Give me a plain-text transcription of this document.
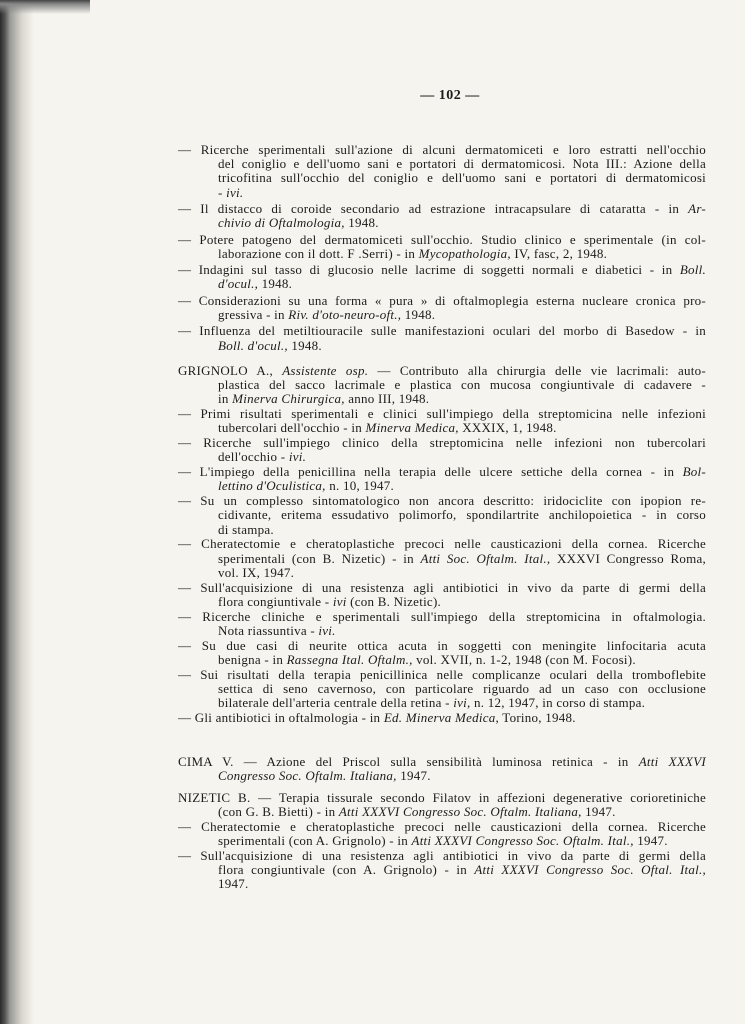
— 102 —
— Ricerche sperimentali sull'azione di alcuni dermatomiceti e loro estratti nell'occhio
del coniglio e dell'uomo sani e portatori di dermatomicosi. Nota III.: Azione della
tricofitina sull'occhio del coniglio e dell'uomo sani e portatori di dermatomicosi
- ivi.
— Il distacco di coroide secondario ad estrazione intracapsulare di cataratta - in Ar-
chivio di Oftalmologia, 1948.
— Potere patogeno del dermatomiceti sull'occhio. Studio clinico e sperimentale (in col-
laborazione con il dott. F .Serri) - in Mycopathologia, IV, fasc, 2, 1948.
— Indagini sul tasso di glucosio nelle lacrime di soggetti normali e diabetici - in Boll.
d'ocul., 1948.
— Considerazioni su una forma « pura » di oftalmoplegia esterna nucleare cronica pro-
gressiva - in Riv. d'oto-neuro-oft., 1948.
— Influenza del metiltiouracile sulle manifestazioni oculari del morbo di Basedow - in
Boll. d'ocul., 1948.
GRIGNOLO A., Assistente osp. — Contributo alla chirurgia delle vie lacrimali: auto-
plastica del sacco lacrimale e plastica con mucosa congiuntivale di cadavere -
in Minerva Chirurgica, anno III, 1948.
— Primi risultati sperimentali e clinici sull'impiego della streptomicina nelle infezioni
tubercolari dell'occhio - in Minerva Medica, XXXIX, 1, 1948.
— Ricerche sull'impiego clinico della streptomicina nelle infezioni non tubercolari
dell'occhio - ivi.
— L'impiego della penicillina nella terapia delle ulcere settiche della cornea - in Bol-
lettino d'Oculistica, n. 10, 1947.
— Su un complesso sintomatologico non ancora descritto: iridociclite con ipopion re-
cidivante, eritema essudativo polimorfo, spondilartrite anchilopoietica - in corso
di stampa.
— Cheratectomie e cheratoplastiche precoci nelle causticazioni della cornea. Ricerche
sperimentali (con B. Nizetic) - in Atti Soc. Oftalm. Ital., XXXVI Congresso Roma,
vol. IX, 1947.
— Sull'acquisizione di una resistenza agli antibiotici in vivo da parte di germi della
flora congiuntivale - ivi (con B. Nizetic).
— Ricerche cliniche e sperimentali sull'impiego della streptomicina in oftalmologia.
Nota riassuntiva - ivi.
— Su due casi di neurite ottica acuta in soggetti con meningite linfocitaria acuta
benigna - in Rassegna Ital. Oftalm., vol. XVII, n. 1-2, 1948 (con M. Focosi).
— Sui risultati della terapia penicillinica nelle complicanze oculari della tromboflebite
settica di seno cavernoso, con particolare riguardo ad un caso con occlusione
bilaterale dell'arteria centrale della retina - ivi, n. 12, 1947, in corso di stampa.
— Gli antibiotici in oftalmologia - in Ed. Minerva Medica, Torino, 1948.
CIMA V. — Azione del Priscol sulla sensibilità luminosa retinica - in Atti XXXVI
Congresso Soc. Oftalm. Italiana, 1947.
NIZETIC B. — Terapia tissurale secondo Filatov in affezioni degenerative corioretiniche
(con G. B. Bietti) - in Atti XXXVI Congresso Soc. Oftalm. Italiana, 1947.
— Cheratectomie e cheratoplastiche precoci nelle causticazioni della cornea. Ricerche
sperimentali (con A. Grignolo) - in Atti XXXVI Congresso Soc. Oftalm. Ital., 1947.
— Sull'acquisizione di una resistenza agli antibiotici in vivo da parte di germi della
flora congiuntivale (con A. Grignolo) - in Atti XXXVI Congresso Soc. Oftal. Ital.,
1947.
